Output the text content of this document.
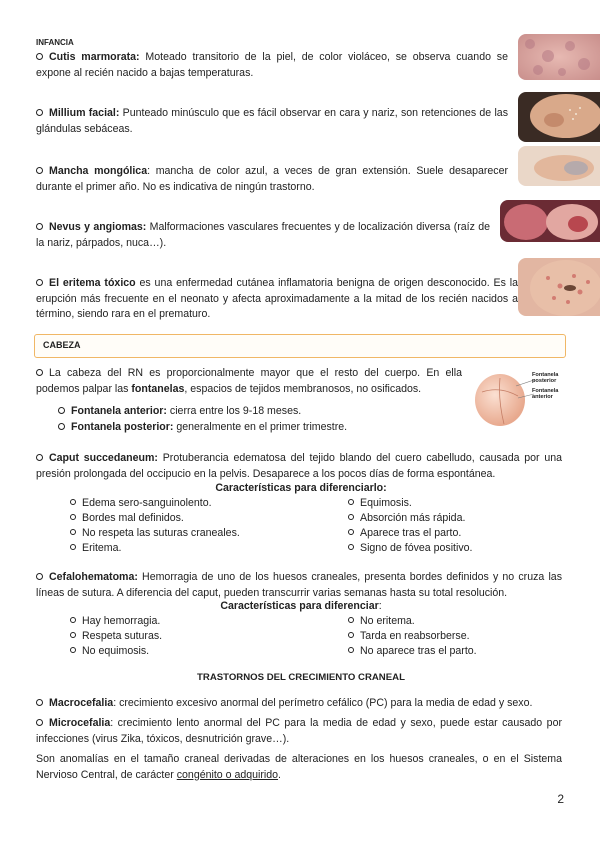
INFANCIA
Cutis marmorata: Moteado transitorio de la piel, de color violáceo, se observa cuando se expone al recién nacido a bajas temperaturas.
Millium facial: Punteado minúsculo que es fácil observar en cara y nariz, son retenciones de las glándulas sebáceas.
Mancha mongólica: mancha de color azul, a veces de gran extensión. Suele desaparecer durante el primer año. No es indicativa de ningún trastorno.
Nevus y angiomas: Malformaciones vasculares frecuentes y de localización diversa (raíz de la nariz, párpados, nuca…).
El eritema tóxico es una enfermedad cutánea inflamatoria benigna de origen desconocido. Es la erupción más frecuente en el neonato y afecta aproximadamente a la mitad de los recién nacidos a término, siendo rara en el prematuro.
CABEZA
La cabeza del RN es proporcionalmente mayor que el resto del cuerpo. En ella podemos palpar las fontanelas, espacios de tejidos membranosos, no osificados.
Fontanela posterior
Fontanela anterior
Fontanela anterior: cierra entre los 9-18 meses.
Fontanela posterior: generalmente en el primer trimestre.
Caput succedaneum: Protuberancia edematosa del tejido blando del cuero cabelludo, causada por una presión prolongada del occipucio en la pelvis. Desaparece a los pocos días de forma espontánea.
Características para diferenciarlo:
Edema sero-sanguinolento.
Bordes mal definidos.
No respeta las suturas craneales.
Eritema.
Equimosis.
Absorción más rápida.
Aparece tras el parto.
Signo de fóvea positivo.
Cefalohematoma: Hemorragia de uno de los huesos craneales, presenta bordes definidos y no cruza las líneas de sutura. A diferencia del caput, pueden transcurrir varias semanas hasta su total resolución.
Características para diferenciar:
Hay hemorragia.
Respeta suturas.
No equimosis.
No eritema.
Tarda en reabsorberse.
No aparece tras el parto.
TRASTORNOS DEL CRECIMIENTO CRANEAL
Macrocefalia: crecimiento excesivo anormal del perímetro cefálico (PC) para la media de edad y sexo.
Microcefalia: crecimiento lento anormal del PC para la media de edad y sexo, puede estar causado por infecciones (virus Zika, tóxicos, desnutrición grave…).
Son anomalías en el tamaño craneal derivadas de alteraciones en los huesos craneales, o en el Sistema Nervioso Central, de carácter congénito o adquirido.
2
